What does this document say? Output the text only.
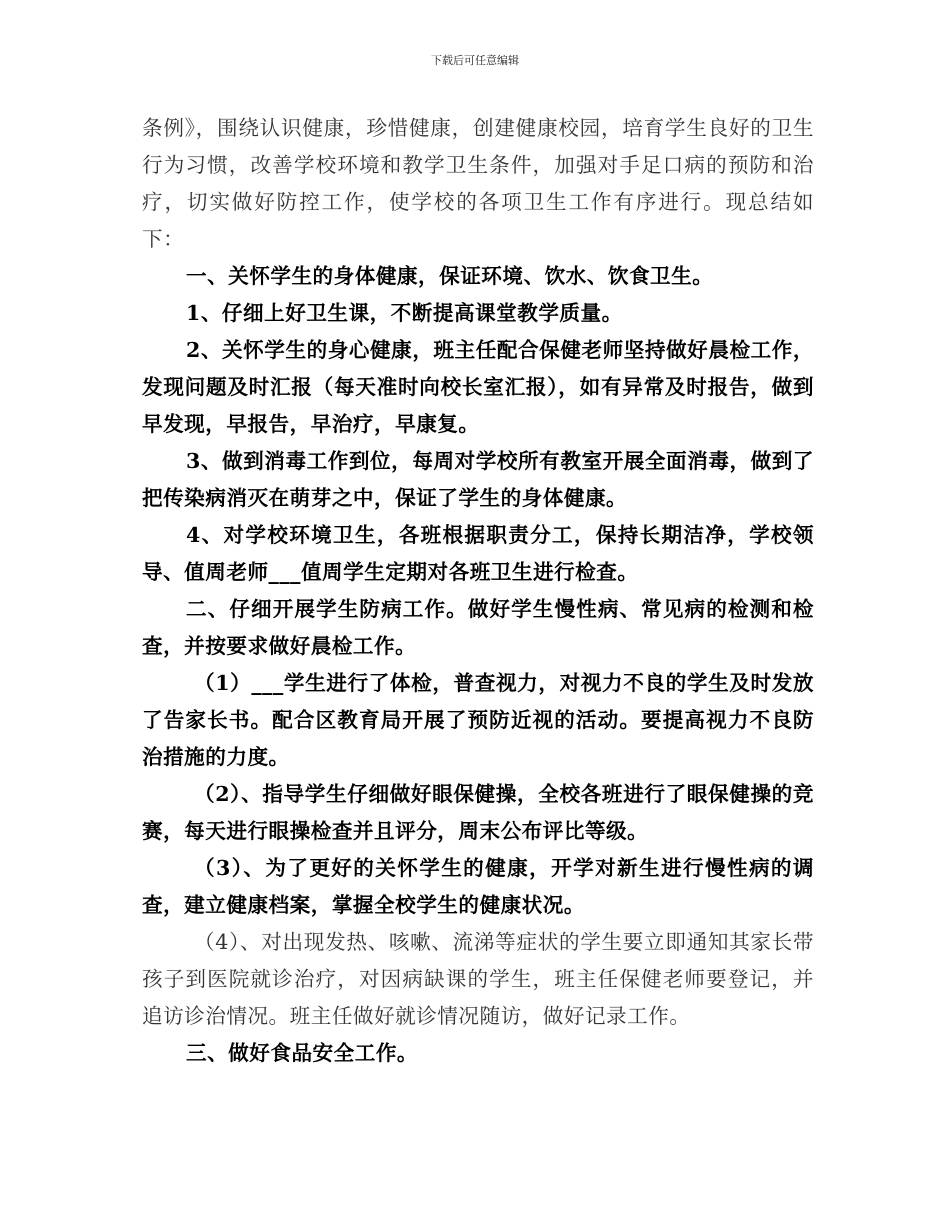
下载后可任意编辑

条例》，围绕认识健康，珍惜健康，创建健康校园，培育学生良好的卫生行为习惯，改善学校环境和教学卫生条件，加强对手足口病的预防和治疗，切实做好防控工作，使学校的各项卫生工作有序进行。现总结如下：

一、关怀学生的身体健康，保证环境、饮水、饮食卫生。

1、仔细上好卫生课，不断提高课堂教学质量。

2、关怀学生的身心健康，班主任配合保健老师坚持做好晨检工作，发现问题及时汇报（每天准时向校长室汇报），如有异常及时报告，做到早发现，早报告，早治疗，早康复。

3、做到消毒工作到位，每周对学校所有教室开展全面消毒，做到了把传染病消灭在萌芽之中，保证了学生的身体健康。

4、对学校环境卫生，各班根据职责分工，保持长期洁净，学校领导、值周老师___值周学生定期对各班卫生进行检查。

二、仔细开展学生防病工作。做好学生慢性病、常见病的检测和检查，并按要求做好晨检工作。

（1）___学生进行了体检，普查视力，对视力不良的学生及时发放了告家长书。配合区教育局开展了预防近视的活动。要提高视力不良防治措施的力度。

（2）、指导学生仔细做好眼保健操，全校各班进行了眼保健操的竞赛，每天进行眼操检查并且评分，周末公布评比等级。

（3）、为了更好的关怀学生的健康，开学对新生进行慢性病的调查，建立健康档案，掌握全校学生的健康状况。

（4）、对出现发热、咳嗽、流涕等症状的学生要立即通知其家长带孩子到医院就诊治疗，对因病缺课的学生，班主任保健老师要登记，并追访诊治情况。班主任做好就诊情况随访，做好记录工作。

三、做好食品安全工作。
